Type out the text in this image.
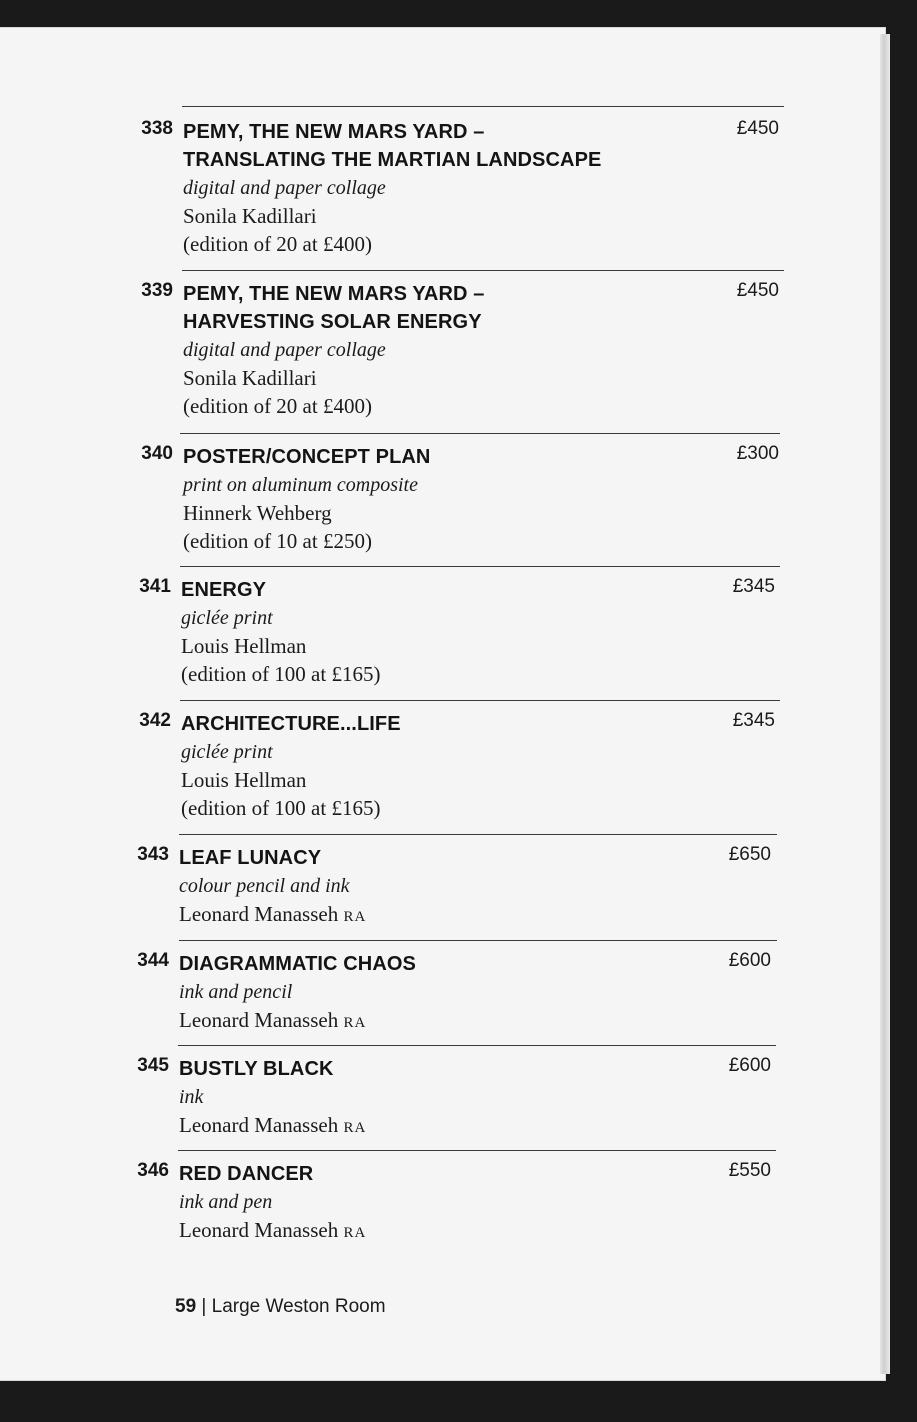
338 PEMY, THE NEW MARS YARD –
TRANSLATING THE MARTIAN LANDSCAPE
digital and paper collage
Sonila Kadillari
(edition of 20 at £400)
£450
339 PEMY, THE NEW MARS YARD –
HARVESTING SOLAR ENERGY
digital and paper collage
Sonila Kadillari
(edition of 20 at £400)
£450
340 POSTER/CONCEPT PLAN
print on aluminum composite
Hinnerk Wehberg
(edition of 10 at £250)
£300
341 ENERGY
giclée print
Louis Hellman
(edition of 100 at £165)
£345
342 ARCHITECTURE...LIFE
giclée print
Louis Hellman
(edition of 100 at £165)
£345
343 LEAF LUNACY
colour pencil and ink
Leonard Manasseh RA
£650
344 DIAGRAMMATIC CHAOS
ink and pencil
Leonard Manasseh RA
£600
345 BUSTLY BLACK
ink
Leonard Manasseh RA
£600
346 RED DANCER
ink and pen
Leonard Manasseh RA
£550
59 | Large Weston Room
